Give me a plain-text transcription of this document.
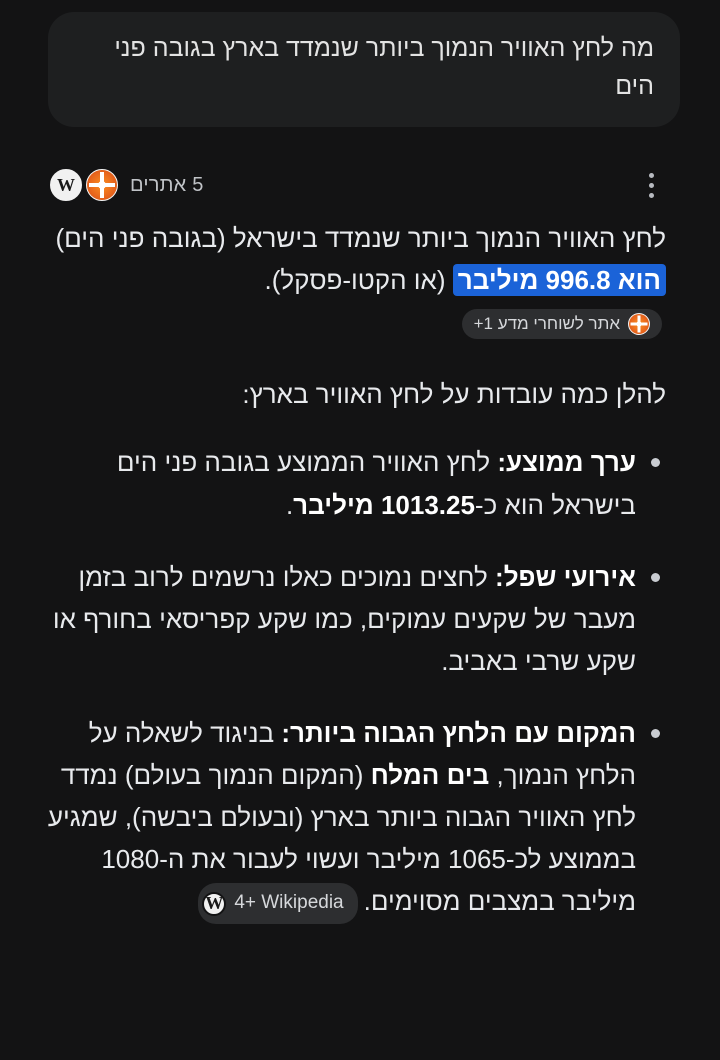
מה לחץ האוויר הנמוך ביותר שנמדד בארץ בגובה פני הים
W	5 אתרים

לחץ האוויר הנמוך ביותר שנמדד בישראל (בגובה פני הים) הוא 996.8 מיליבר (או הקטו-פסקל).
אתר לשוחרי מדע 1+

להלן כמה עובדות על לחץ האוויר בארץ:
ערך ממוצע: לחץ האוויר הממוצע בגובה פני הים בישראל הוא כ-1013.25 מיליבר.
אירועי שפל: לחצים נמוכים כאלו נרשמים לרוב בזמן מעבר של שקעים עמוקים, כמו שקע קפריסאי בחורף או שקע שרבי באביב.
המקום עם הלחץ הגבוה ביותר: בניגוד לשאלה על הלחץ הנמוך, בים המלח (המקום הנמוך בעולם) נמדד לחץ האוויר הגבוה ביותר בארץ (ובעולם ביבשה), שמגיע בממוצע לכ-1065 מיליבר ועשוי לעבור את ה-1080 מיליבר במצבים מסוימים.
W 4+ Wikipedia
